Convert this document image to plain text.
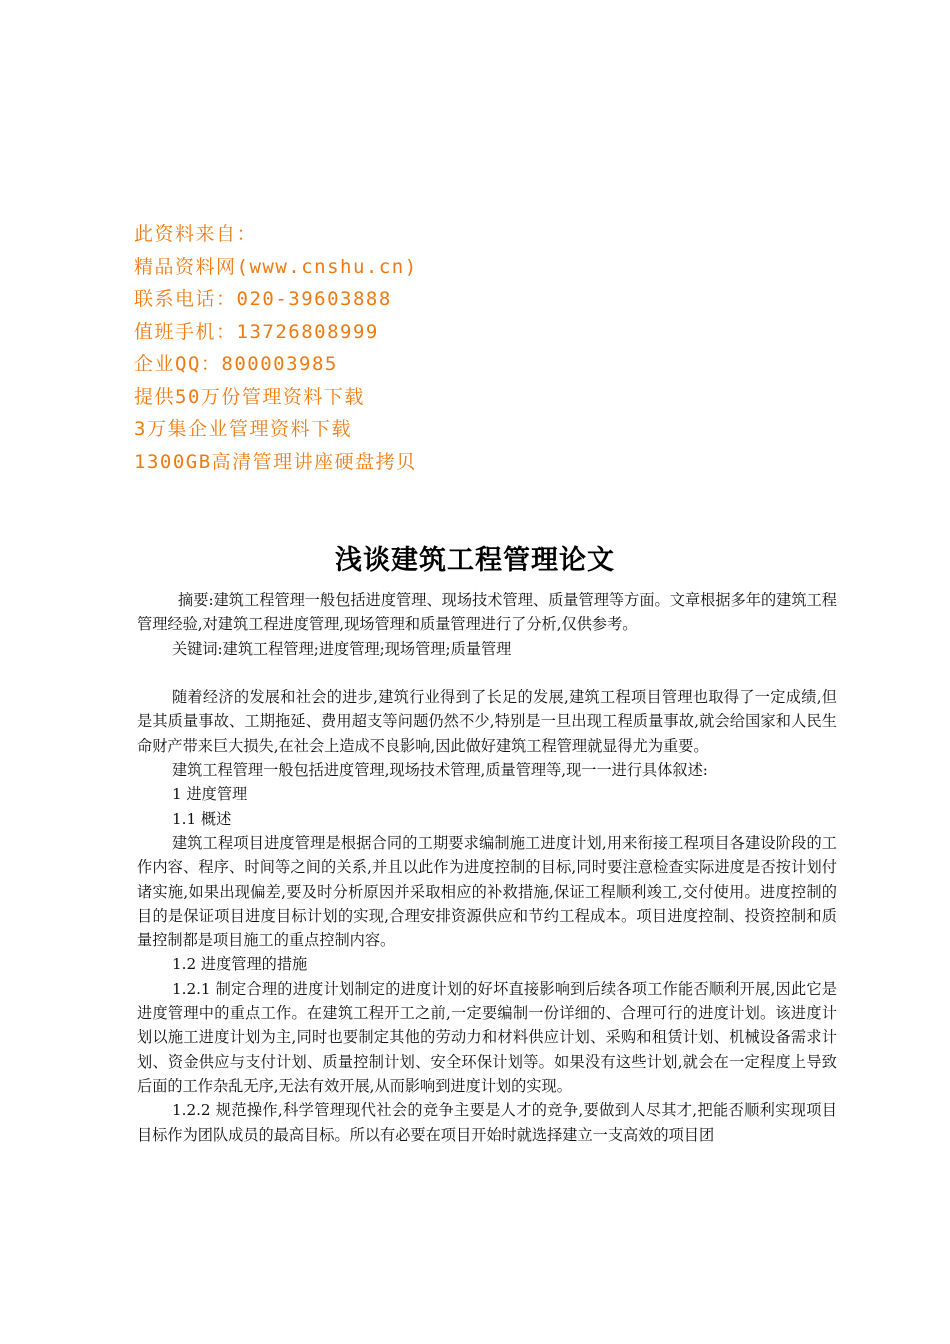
此资料来自：
精品资料网(www.cnshu.cn)
联系电话：020-39603888
值班手机：13726808999
企业QQ：800003985
提供50万份管理资料下载
3万集企业管理资料下载
1300GB高清管理讲座硬盘拷贝
浅谈建筑工程管理论文

摘要:建筑工程管理一般包括进度管理、现场技术管理、质量管理等方面。文章根据多年的建筑工程管理经验,对建筑工程进度管理,现场管理和质量管理进行了分析,仅供参考。

关键词:建筑工程管理;进度管理;现场管理;质量管理

随着经济的发展和社会的进步,建筑行业得到了长足的发展,建筑工程项目管理也取得了一定成绩,但是其质量事故、工期拖延、费用超支等问题仍然不少,特别是一旦出现工程质量事故,就会给国家和人民生命财产带来巨大损失,在社会上造成不良影响,因此做好建筑工程管理就显得尤为重要。

建筑工程管理一般包括进度管理,现场技术管理,质量管理等,现一一进行具体叙述:

1 进度管理

1.1 概述

建筑工程项目进度管理是根据合同的工期要求编制施工进度计划,用来衔接工程项目各建设阶段的工作内容、程序、时间等之间的关系,并且以此作为进度控制的目标,同时要注意检查实际进度是否按计划付诸实施,如果出现偏差,要及时分析原因并采取相应的补救措施,保证工程顺利竣工,交付使用。进度控制的目的是保证项目进度目标计划的实现,合理安排资源供应和节约工程成本。项目进度控制、投资控制和质量控制都是项目施工的重点控制内容。

1.2 进度管理的措施

1.2.1 制定合理的进度计划制定的进度计划的好坏直接影响到后续各项工作能否顺利开展,因此它是进度管理中的重点工作。在建筑工程开工之前,一定要编制一份详细的、合理可行的进度计划。该进度计划以施工进度计划为主,同时也要制定其他的劳动力和材料供应计划、采购和租赁计划、机械设备需求计划、资金供应与支付计划、质量控制计划、安全环保计划等。如果没有这些计划,就会在一定程度上导致后面的工作杂乱无序,无法有效开展,从而影响到进度计划的实现。

1.2.2 规范操作,科学管理现代社会的竞争主要是人才的竞争,要做到人尽其才,把能否顺利实现项目目标作为团队成员的最高目标。所以有必要在项目开始时就选择建立一支高效的项目团
